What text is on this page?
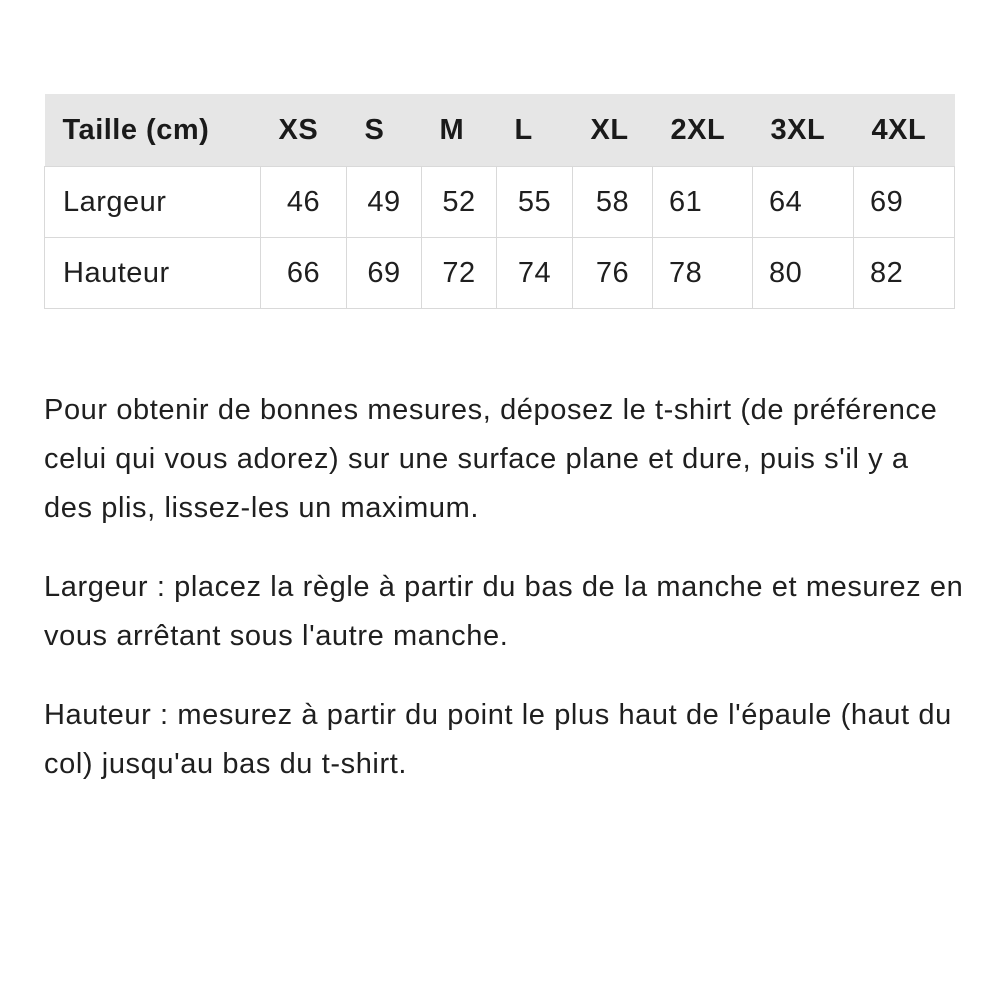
Taille (cm)	XS	S	M	L	XL	2XL	3XL	4XL
Largeur	46	49	52	55	58	61	64	69
Hauteur	66	69	72	74	76	78	80	82

Pour obtenir de bonnes mesures, déposez le t-shirt (de préférence celui qui vous adorez) sur une surface plane et dure, puis s'il y a des plis, lissez-les un maximum.

Largeur : placez la règle à partir du bas de la manche et mesurez en vous arrêtant sous l'autre manche.

Hauteur : mesurez à partir du point le plus haut de l'épaule (haut du col) jusqu'au bas du t-shirt.
